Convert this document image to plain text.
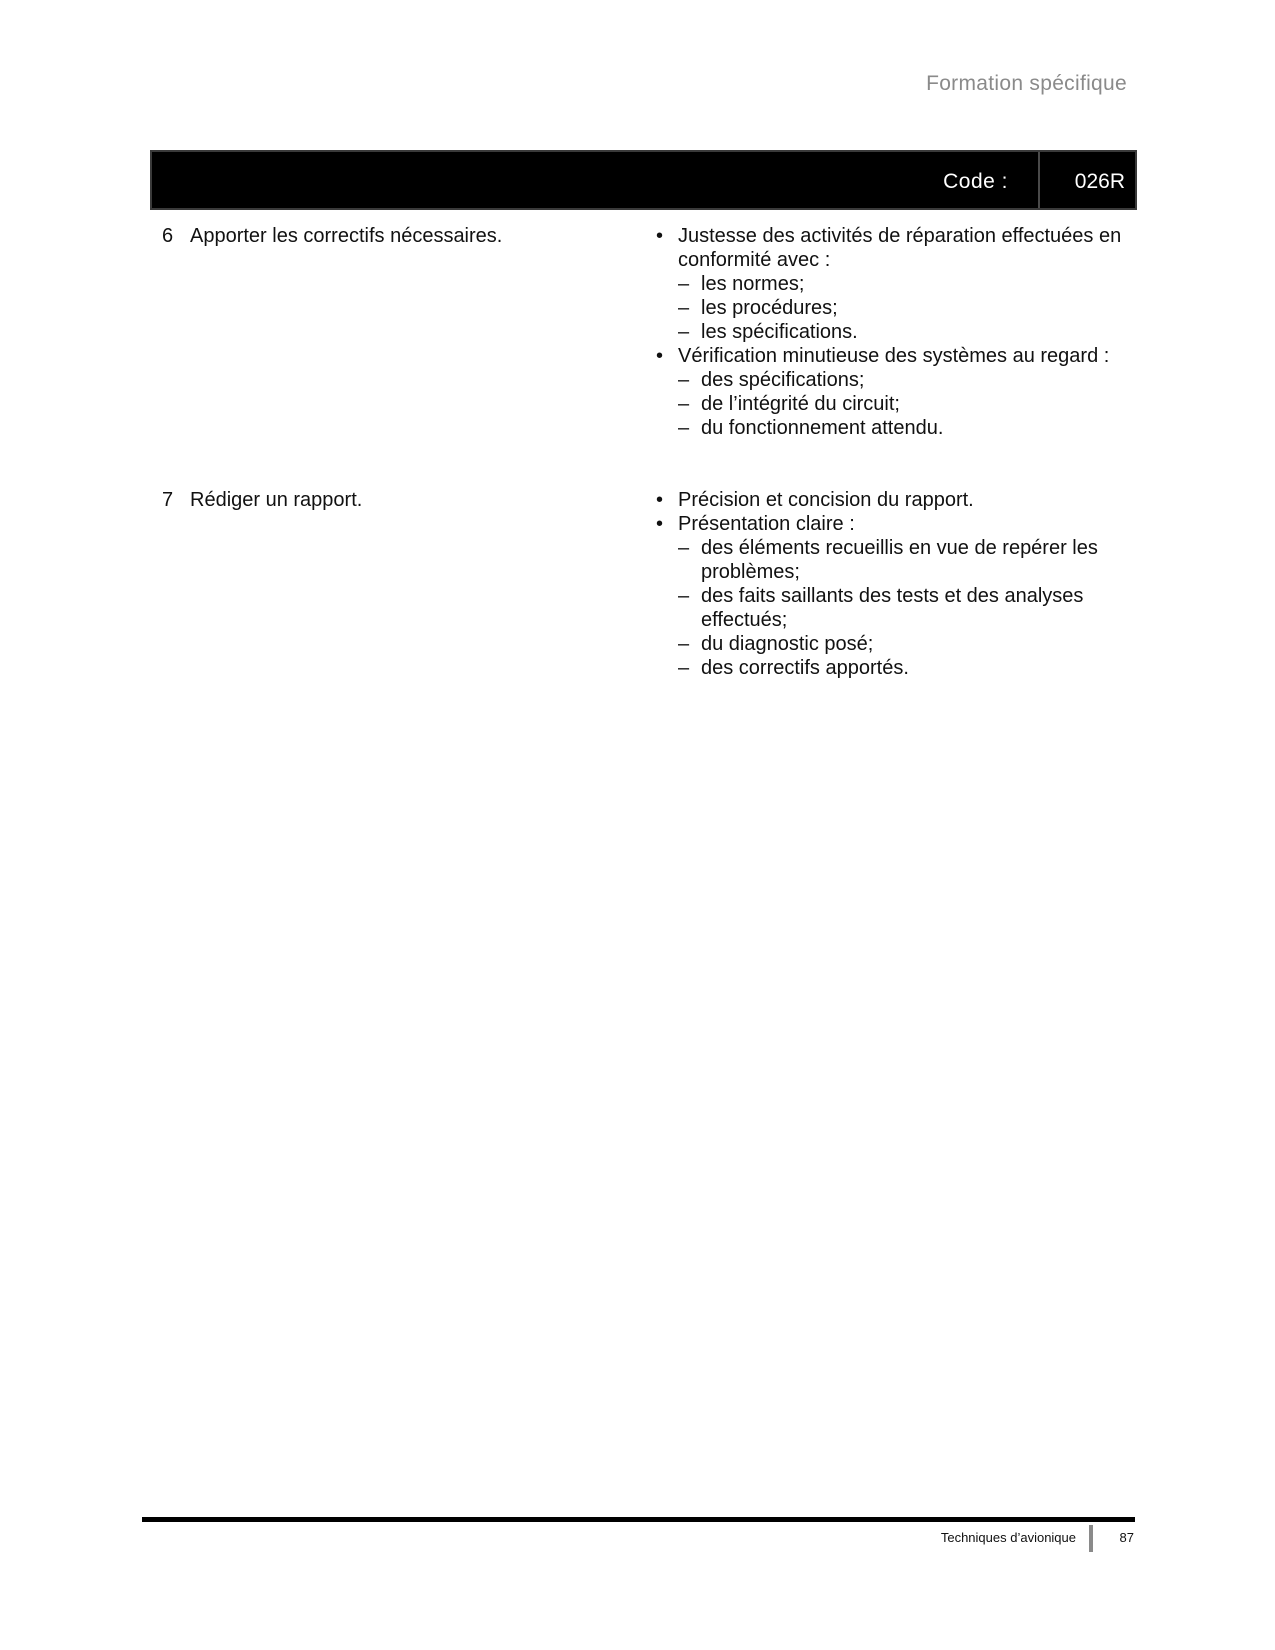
Formation spécifique
Code :	026R
6 Apporter les correctifs nécessaires.	• Justesse des activités de réparation effectuées en conformité avec :
– les normes;
– les procédures;
– les spécifications.
• Vérification minutieuse des systèmes au regard :
– des spécifications;
– de l’intégrité du circuit;
– du fonctionnement attendu.
7 Rédiger un rapport.	• Précision et concision du rapport.
• Présentation claire :
– des éléments recueillis en vue de repérer les problèmes;
– des faits saillants des tests et des analyses effectués;
– du diagnostic posé;
– des correctifs apportés.
Techniques d’avionique	87
